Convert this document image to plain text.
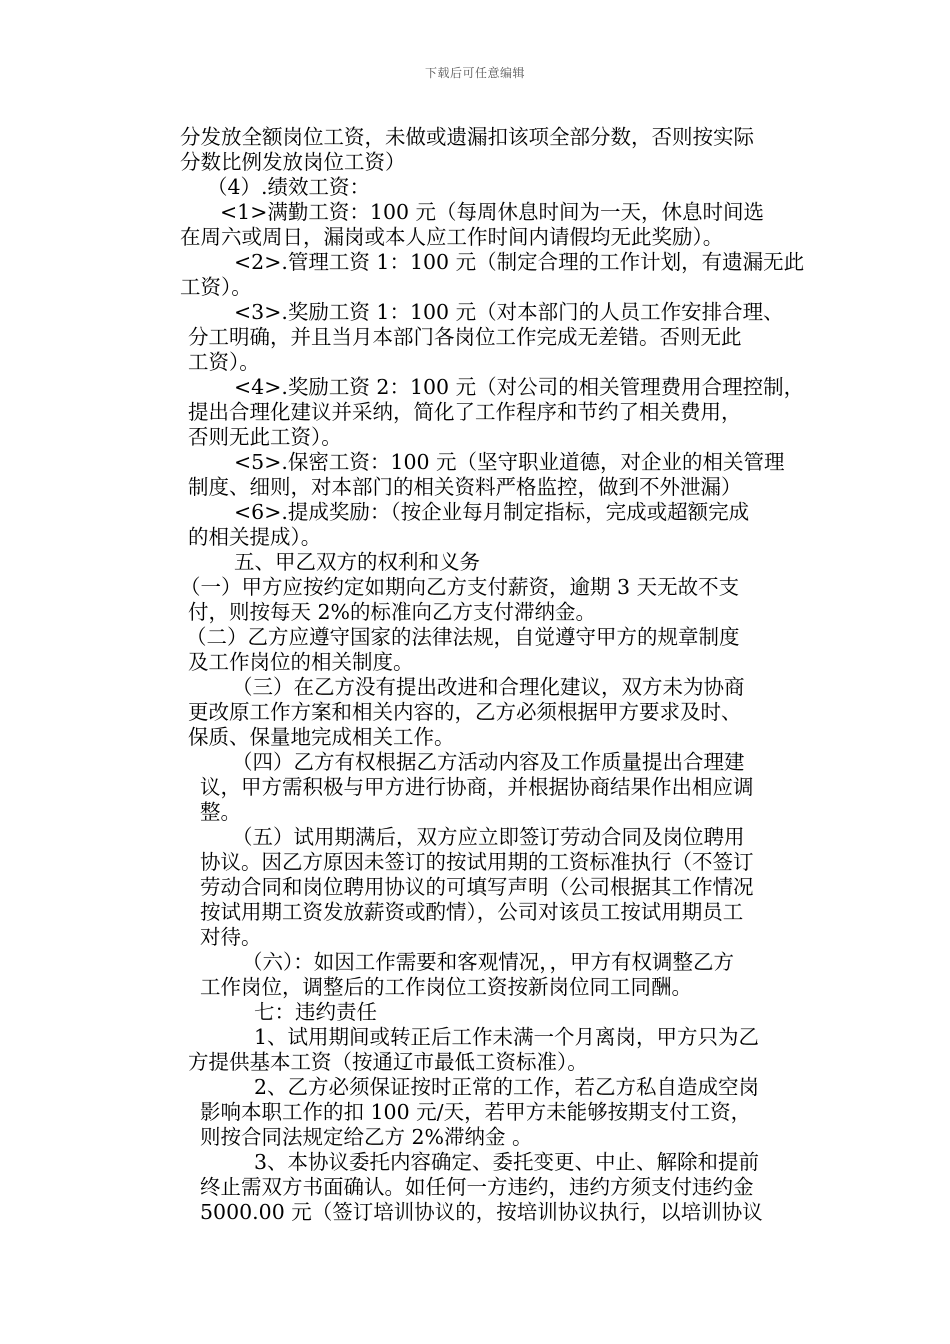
下载后可任意编辑
分发放全额岗位工资，未做或遗漏扣该项全部分数，否则按实际
分数比例发放岗位工资）
（4）.绩效工资：
<1>满勤工资：100 元（每周休息时间为一天，休息时间选
在周六或周日，漏岗或本人应工作时间内请假均无此奖励）。
<2>.管理工资 1：100 元（制定合理的工作计划，有遗漏无此
工资）。
<3>.奖励工资 1：100 元（对本部门的人员工作安排合理、
分工明确，并且当月本部门各岗位工作完成无差错。否则无此
工资）。
<4>.奖励工资 2：100 元（对公司的相关管理费用合理控制，
提出合理化建议并采纳，简化了工作程序和节约了相关费用，
否则无此工资）。
<5>.保密工资：100 元（坚守职业道德，对企业的相关管理
制度、细则，对本部门的相关资料严格监控，做到不外泄漏）
<6>.提成奖励：（按企业每月制定指标，完成或超额完成
的相关提成）。
五、甲乙双方的权利和义务
（一）甲方应按约定如期向乙方支付薪资，逾期 3 天无故不支
付，则按每天 2%的标准向乙方支付滞纳金。
（二）乙方应遵守国家的法律法规，自觉遵守甲方的规章制度
及工作岗位的相关制度。
（三）在乙方没有提出改进和合理化建议，双方未为协商
更改原工作方案和相关内容的，乙方必须根据甲方要求及时、
保质、保量地完成相关工作。
（四）乙方有权根据乙方活动内容及工作质量提出合理建
议，甲方需积极与甲方进行协商，并根据协商结果作出相应调
整。
（五）试用期满后，双方应立即签订劳动合同及岗位聘用
协议。因乙方原因未签订的按试用期的工资标准执行（不签订
劳动合同和岗位聘用协议的可填写声明（公司根据其工作情况
按试用期工资发放薪资或酌情），公司对该员工按试用期员工
对待。
（六）：如因工作需要和客观情况，，甲方有权调整乙方
工作岗位，调整后的工作岗位工资按新岗位同工同酬。
七：违约责任
1、试用期间或转正后工作未满一个月离岗，甲方只为乙
方提供基本工资（按通辽市最低工资标准）。
2、乙方必须保证按时正常的工作，若乙方私自造成空岗
影响本职工作的扣 100 元/天，若甲方未能够按期支付工资，
则按合同法规定给乙方 2%滞纳金 。
3、本协议委托内容确定、委托变更、中止、解除和提前
终止需双方书面确认。如任何一方违约，违约方须支付违约金
5000.00 元（签订培训协议的，按培训协议执行，以培训协议
